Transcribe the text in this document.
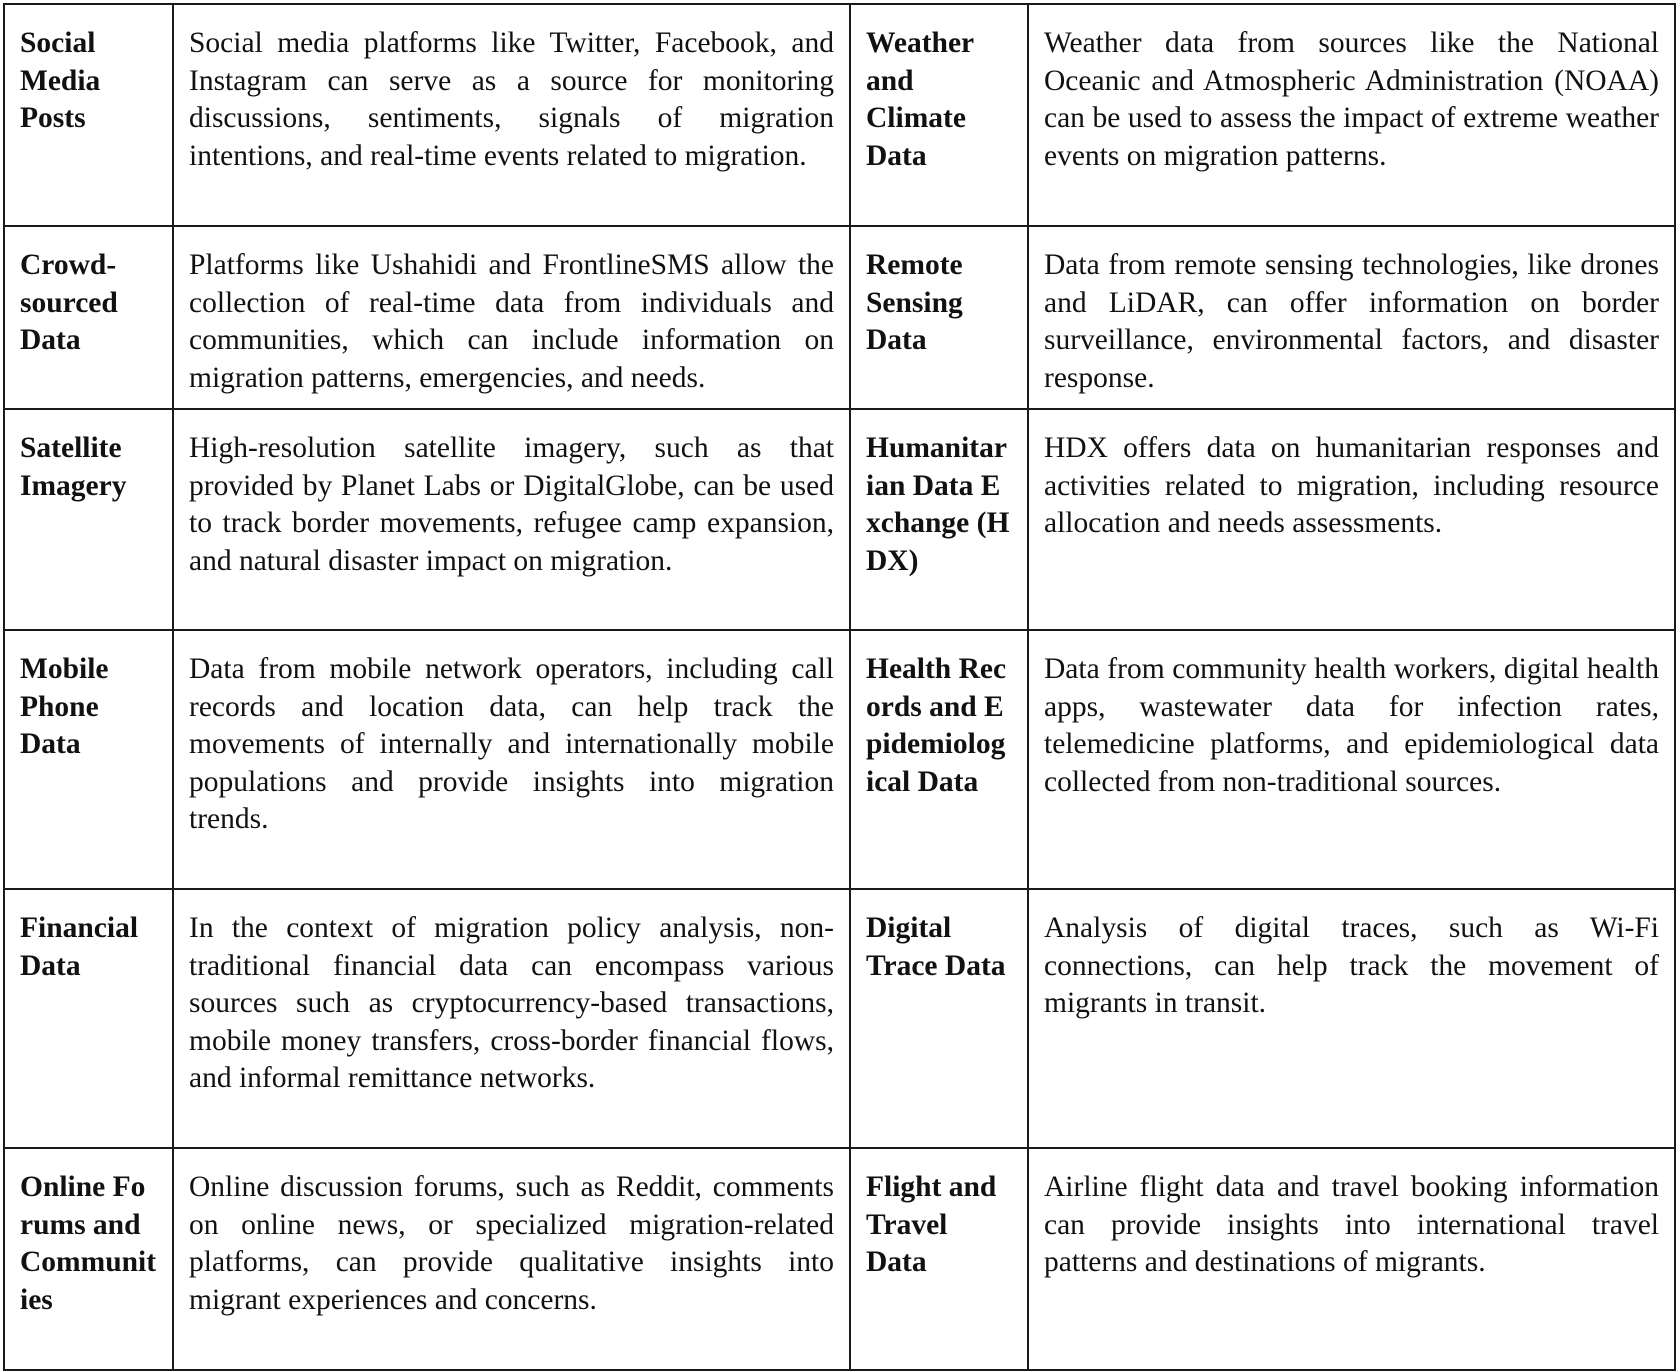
Social Media Posts	Social media platforms like Twitter, Facebook, and Instagram can serve as a source for monitoring discussions, sentiments, signals of migration intentions, and real-time events related to migration.	Weather and Climate Data	Weather data from sources like the National Oceanic and Atmospheric Administration (NOAA) can be used to assess the impact of extreme weather events on migration patterns.
Crowd-sourced Data	Platforms like Ushahidi and FrontlineSMS allow the collection of real-time data from individuals and communities, which can include information on migration patterns, emergencies, and needs.	Remote Sensing Data	Data from remote sensing technologies, like drones and LiDAR, can offer information on border surveillance, environmental factors, and disaster response.
Satellite Imagery	High-resolution satellite imagery, such as that provided by Planet Labs or DigitalGlobe, can be used to track border movements, refugee camp expansion, and natural disaster impact on migration.	Humanitarian Data Exchange (HDX)	HDX offers data on humanitarian responses and activities related to migration, including resource allocation and needs assessments.
Mobile Phone Data	Data from mobile network operators, including call records and location data, can help track the movements of internally and internationally mobile populations and provide insights into migration trends.	Health Records and Epidemiological Data	Data from community health workers, digital health apps, wastewater data for infection rates, telemedicine platforms, and epidemiological data collected from non-traditional sources.
Financial Data	In the context of migration policy analysis, non-traditional financial data can encompass various sources such as cryptocurrency-based transactions, mobile money transfers, cross-border financial flows, and informal remittance networks.	Digital Trace Data	Analysis of digital traces, such as Wi-Fi connections, can help track the movement of migrants in transit.
Online Forums and Communities	Online discussion forums, such as Reddit, comments on online news, or specialized migration-related platforms, can provide qualitative insights into migrant experiences and concerns.	Flight and Travel Data	Airline flight data and travel booking information can provide insights into international travel patterns and destinations of migrants.
